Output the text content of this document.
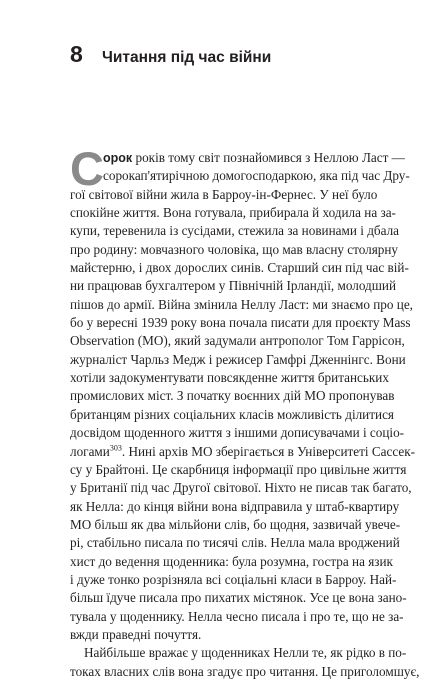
8	Читання під час війни
С орок років тому світ познайомився з Неллою Ласт —
сорокап'ятирічною домогосподаркою, яка під час Дру-
гої світової війни жила в Барроу-ін-Фернес. У неї було
спокійне життя. Вона готувала, прибирала й ходила на за-
купи, теревенила із сусідами, стежила за новинами і дбала
про родину: мовчазного чоловіка, що мав власну столярну
майстерню, і двох дорослих синів. Старший син під час вій-
ни працював бухгалтером у Північній Ірландії, молодший
пішов до армії. Війна змінила Неллу Ласт: ми знаємо про це,
бо у вересні 1939 року вона почала писати для проєкту Mass
Observation (МО), який задумали антрополог Том Гаррісон,
журналіст Чарльз Медж і режисер Гамфрі Дженнінгс. Вони
хотіли задокументувати повсякденне життя британських
промислових міст. З початку воєнних дій МО пропонував
британцям різних соціальних класів можливість ділитися
досвідом щоденного життя з іншими дописувачами і соціо-
логами$^{303}$. Нині архів МО зберігається в Університеті Сассек-
су у Брайтоні. Це скарбниця інформації про цивільне життя
у Британії під час Другої світової. Ніхто не писав так багато,
як Нелла: до кінця війни вона відправила у штаб-квартиру
МО більш як два мільйони слів, бо щодня, зазвичай увече-
рі, стабільно писала по тисячі слів. Нелла мала вроджений
хист до ведення щоденника: була розумна, гостра на язик
і дуже тонко розрізняла всі соціальні класи в Барроу. Най-
більш їдуче писала про пихатих містянок. Усе це вона зано-
тувала у щоденнику. Нелла чесно писала і про те, що не за-
вжди праведні почуття.
Найбільше вражає у щоденниках Нелли те, як рідко в по-
токах власних слів вона згадує про читання. Це приголомшує,
